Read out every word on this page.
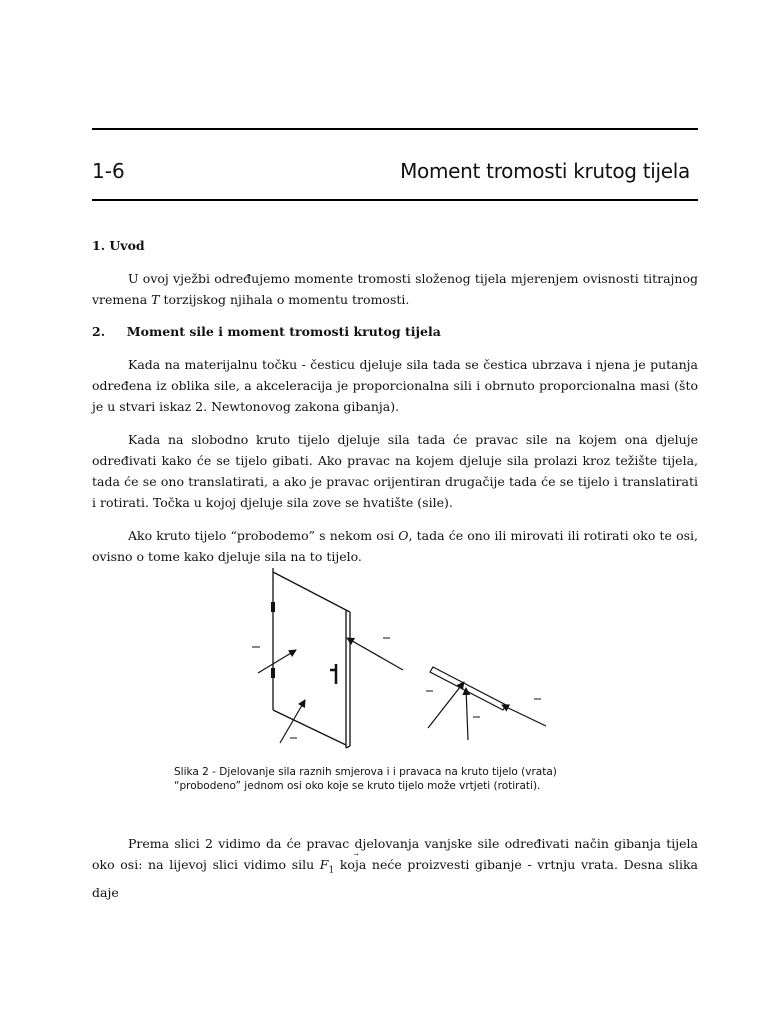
1-6	Moment tromosti krutog tijela
1. Uvod

U ovoj vježbi određujemo momente tromosti složenog tijela mjerenjem ovisnosti titrajnog vremena T torzijskog njihala o momentu tromosti.

2.     Moment sile i moment tromosti krutog tijela

Kada na materijalnu točku - česticu djeluje sila tada se čestica ubrzava i njena je putanja određena iz oblika sile, a akceleracija je proporcionalna sili i obrnuto proporcionalna masi (što je u stvari iskaz 2. Newtonovog zakona gibanja).

Kada na slobodno kruto tijelo djeluje sila tada će pravac sile na kojem ona djeluje određivati kako će se tijelo gibati. Ako pravac na kojem djeluje sila prolazi kroz težište tijela, tada će se ono translatirati, a ako je pravac orijentiran drugačije tada će se tijelo i translatirati i rotirati. Točka u kojoj djeluje sila zove se hvatište (sile).

Ako kruto tijelo “probodemo” s nekom osi O, tada će ono ili mirovati ili rotirati oko te osi, ovisno o tome kako djeluje sila na to tijelo.

Slika 2 - Djelovanje sila raznih smjerova i i pravaca na kruto tijelo (vrata) “probodeno” jednom osi oko koje se kruto tijelo može vrtjeti (rotirati).

Prema slici 2 vidimo da će pravac djelovanja vanjske sile određivati način gibanja tijela oko osi: na lijevoj slici vidimo silu F
$_1$ koja neće proizvesti gibanje - vrtnju vrata. Desna slika daje
